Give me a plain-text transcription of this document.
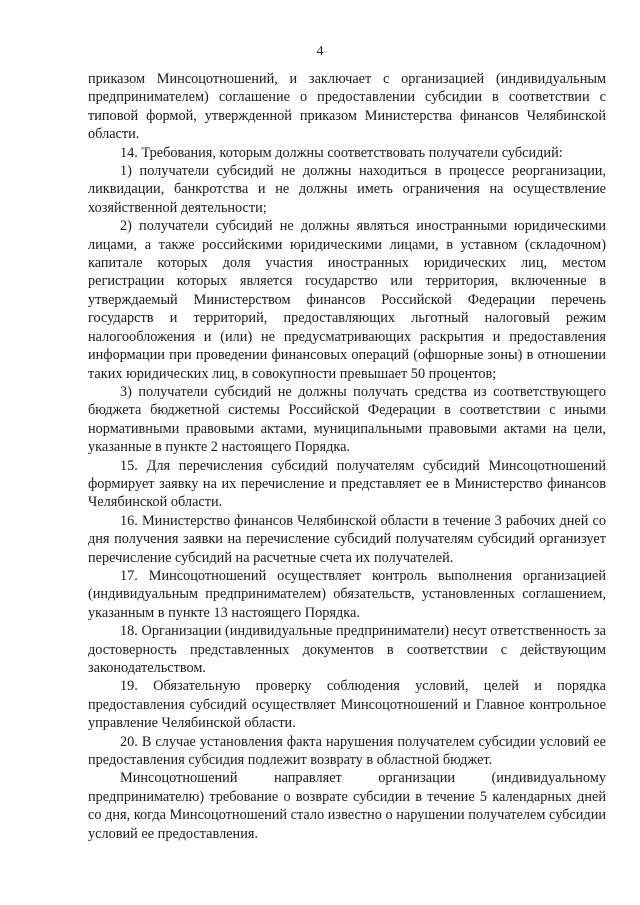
4

приказом Минсоцотношений, и заключает с организацией (индивидуальным предпринимателем) соглашение о предоставлении субсидии в соответствии с типовой формой, утвержденной приказом Министерства финансов Челябинской области.

14. Требования, которым должны соответствовать получатели субсидий:

1) получатели субсидий не должны находиться в процессе реорганизации, ликвидации, банкротства и не должны иметь ограничения на осуществление хозяйственной деятельности;

2) получатели субсидий не должны являться иностранными юридическими лицами, а также российскими юридическими лицами, в уставном (складочном) капитале которых доля участия иностранных юридических лиц, местом регистрации которых является государство или территория, включенные в утверждаемый Министерством финансов Российской Федерации перечень государств и территорий, предоставляющих льготный налоговый режим налогообложения и (или) не предусматривающих раскрытия и предоставления информации при проведении финансовых операций (офшорные зоны) в отношении таких юридических лиц, в совокупности превышает 50 процентов;

3) получатели субсидий не должны получать средства из соответствующего бюджета бюджетной системы Российской Федерации в соответствии с иными нормативными правовыми актами, муниципальными правовыми актами на цели, указанные в пункте 2 настоящего Порядка.

15. Для перечисления субсидий получателям субсидий Минсоцотношений формирует заявку на их перечисление и представляет ее в Министерство финансов Челябинской области.

16. Министерство финансов Челябинской области в течение 3 рабочих дней со дня получения заявки на перечисление субсидий получателям субсидий организует перечисление субсидий на расчетные счета их получателей.

17. Минсоцотношений осуществляет контроль выполнения организацией (индивидуальным предпринимателем) обязательств, установленных соглашением, указанным в пункте 13 настоящего Порядка.

18. Организации (индивидуальные предприниматели) несут ответственность за достоверность представленных документов в соответствии с действующим законодательством.

19. Обязательную проверку соблюдения условий, целей и порядка предоставления субсидий осуществляет Минсоцотношений и Главное контрольное управление Челябинской области.

20. В случае установления факта нарушения получателем субсидии условий ее предоставления субсидия подлежит возврату в областной бюджет.

Минсоцотношений направляет организации (индивидуальному предпринимателю) требование о возврате субсидии в течение 5 календарных дней со дня, когда Минсоцотношений стало известно о нарушении получателем субсидии условий ее предоставления.
